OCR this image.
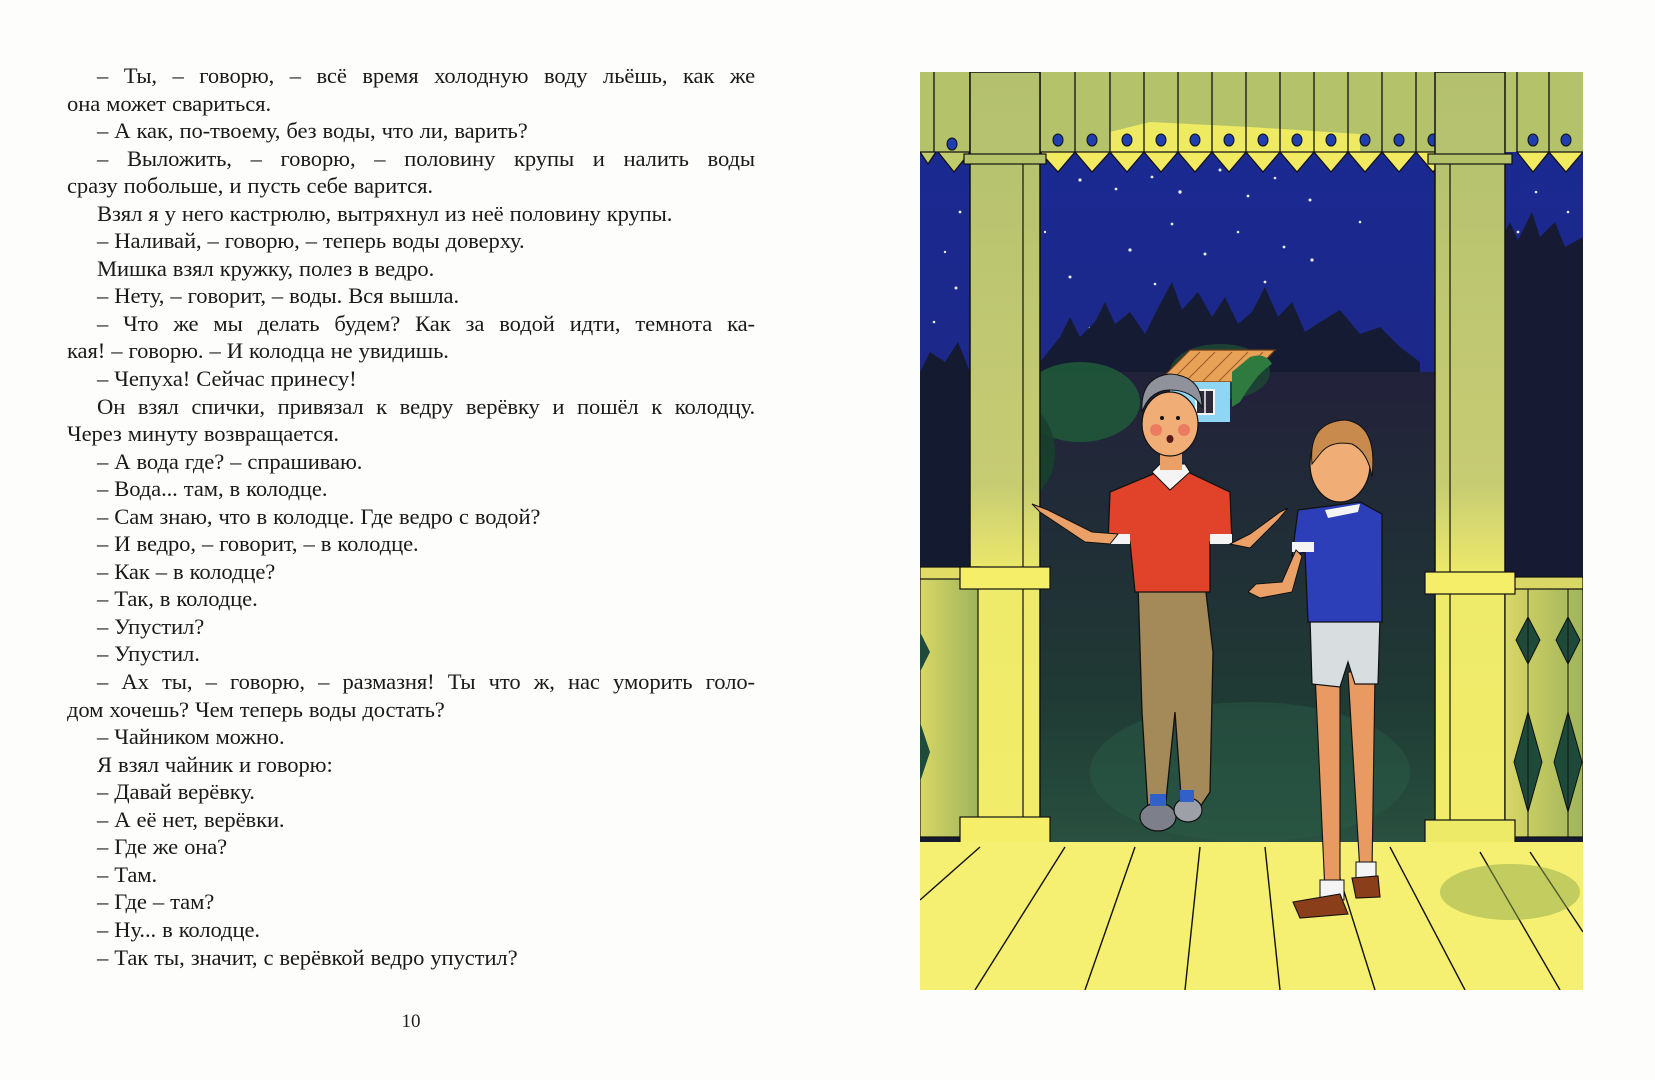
– Ты, – говорю, – всё время холодную воду льёшь, как же

она может свариться.

– А как, по-твоему, без воды, что ли, варить?

– Выложить, – говорю, – половину крупы и налить воды

сразу побольше, и пусть себе варится.

Взял я у него кастрюлю, вытряхнул из неё половину крупы.

– Наливай, – говорю, – теперь воды доверху.

Мишка взял кружку, полез в ведро.

– Нету, – говорит, – воды. Вся вышла.

– Что же мы делать будем? Как за водой идти, темнота ка-

кая! – говорю. – И колодца не увидишь.

– Чепуха! Сейчас принесу!

Он взял спички, привязал к ведру верёвку и пошёл к колодцу.

Через минуту возвращается.

– А вода где? – спрашиваю.

– Вода... там, в колодце.

– Сам знаю, что в колодце. Где ведро с водой?

– И ведро, – говорит, – в колодце.

– Как – в колодце?

– Так, в колодце.

– Упустил?

– Упустил.

– Ах ты, – говорю, – размазня! Ты что ж, нас уморить голо-

дом хочешь? Чем теперь воды достать?

– Чайником можно.

Я взял чайник и говорю:

– Давай верёвку.

– А её нет, верёвки.

– Где же она?

– Там.

– Где – там?

– Ну... в колодце.

– Так ты, значит, с верёвкой ведро упустил?

10
